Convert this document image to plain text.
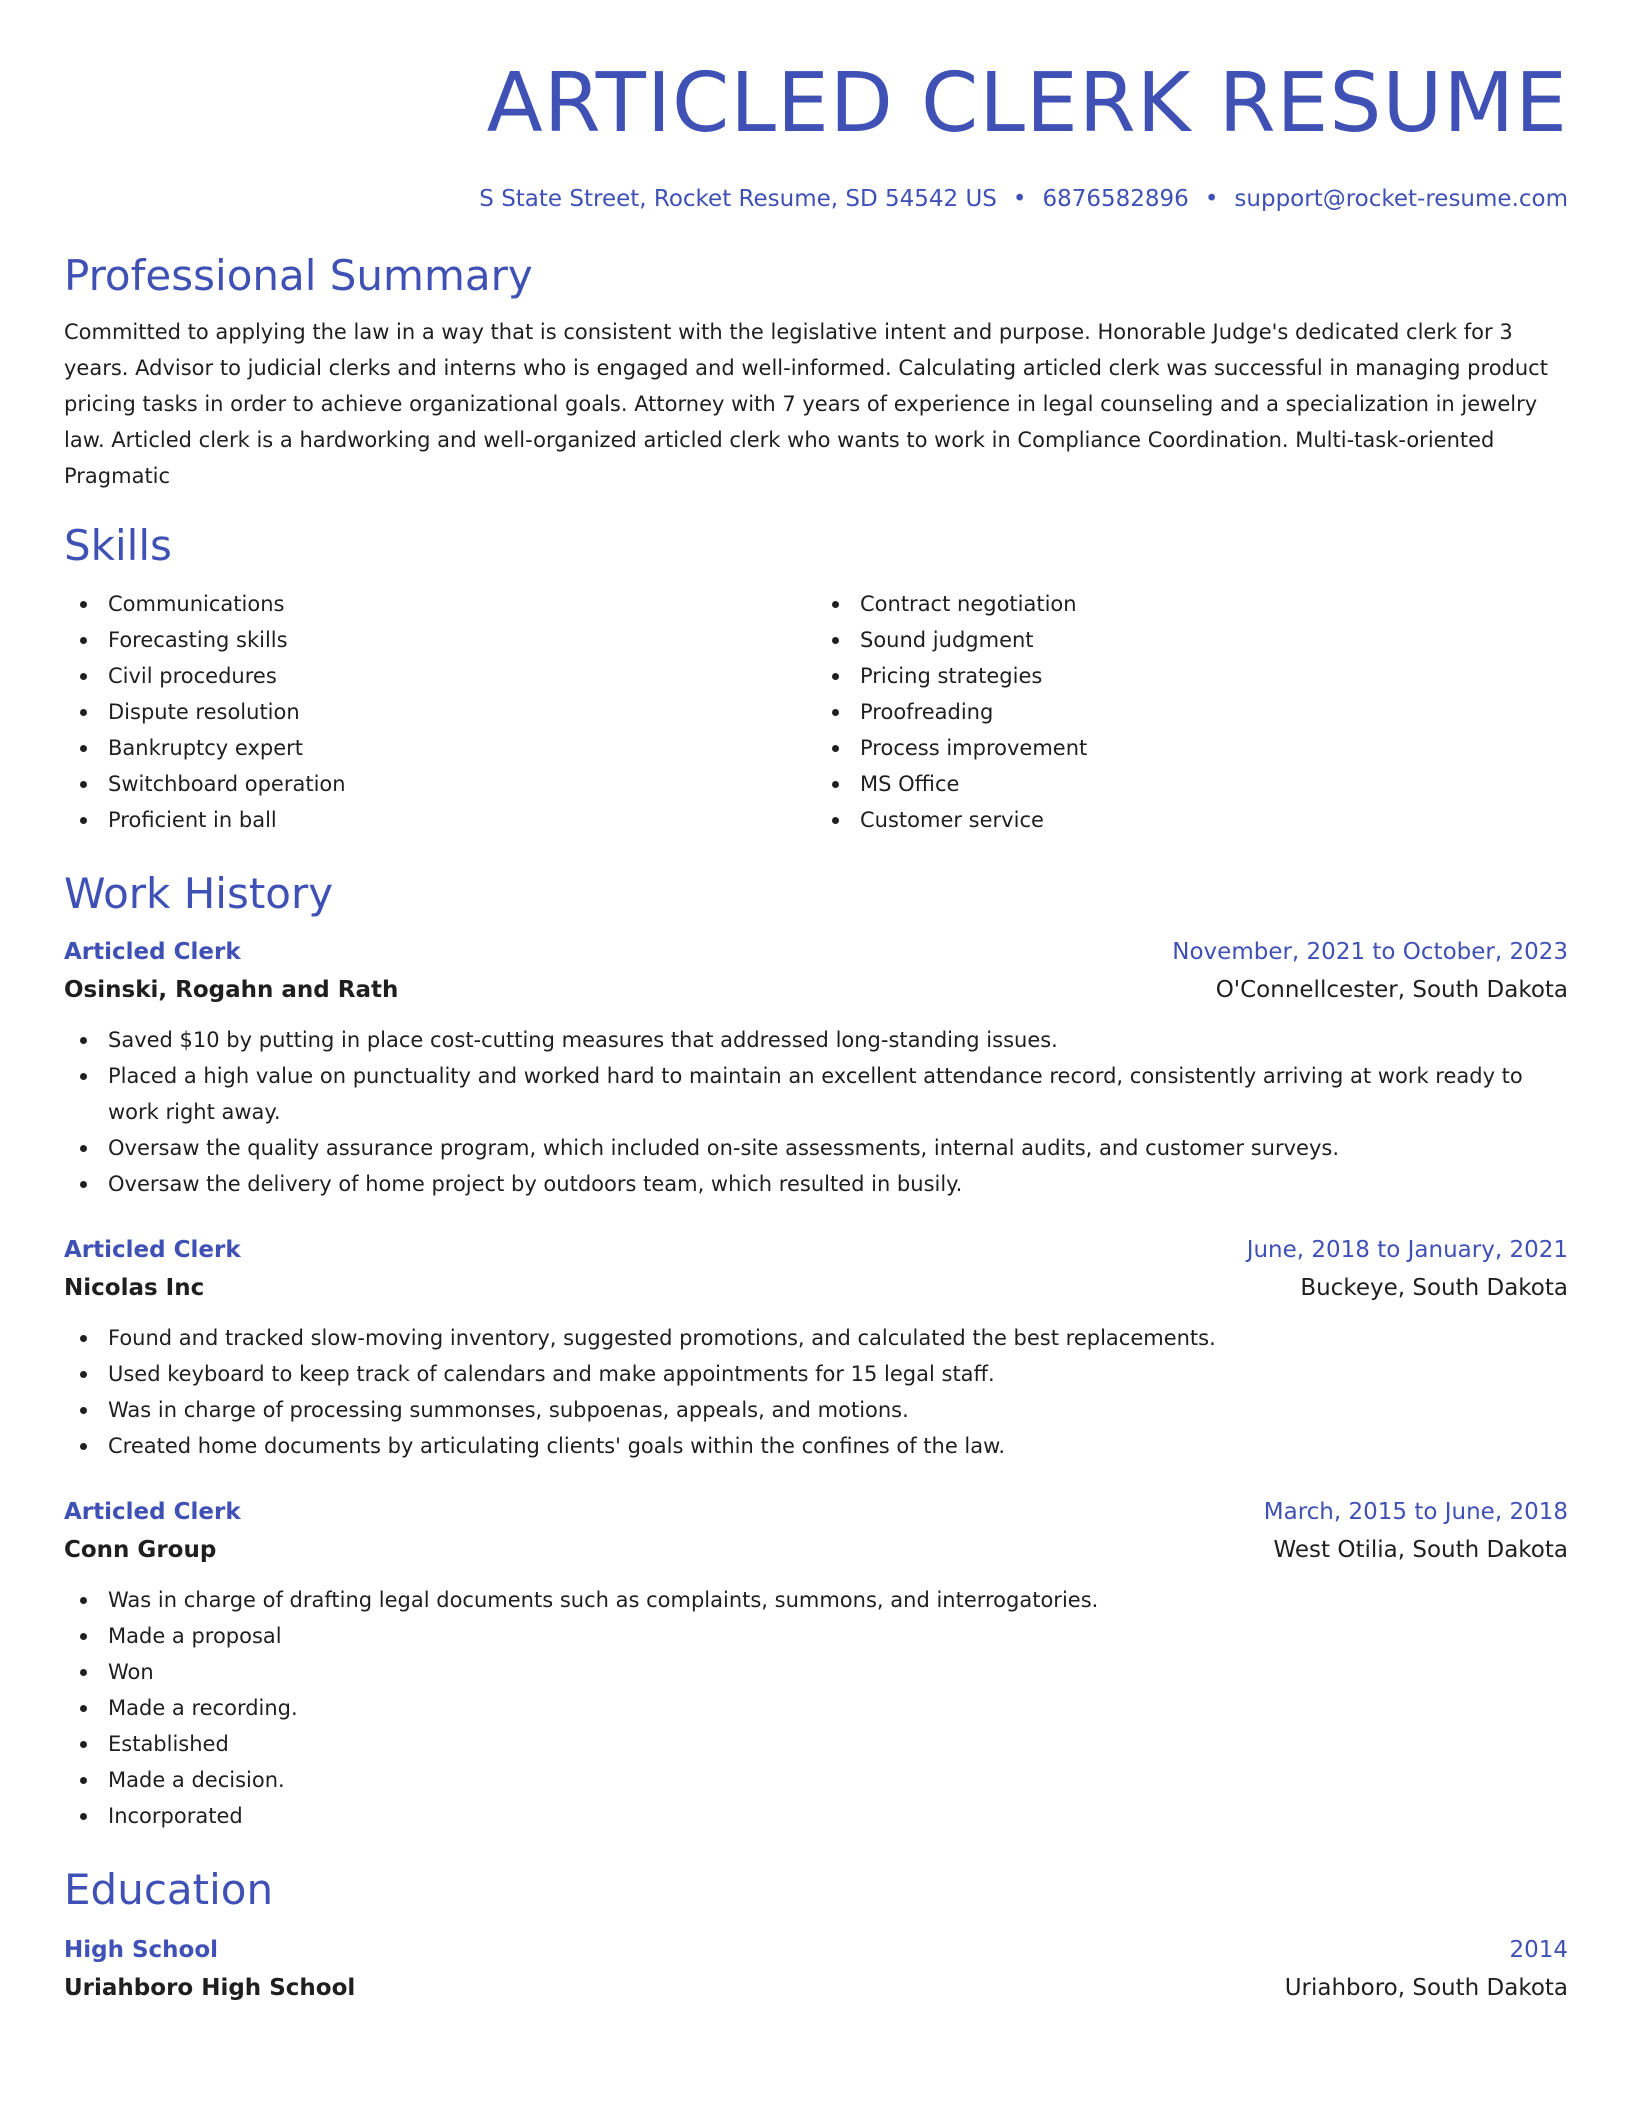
ARTICLED CLERK RESUME
S State Street, Rocket Resume, SD 54542 US • 6876582896 • support@rocket-resume.com
Professional Summary

Committed to applying the law in a way that is consistent with the legislative intent and purpose. Honorable Judge's dedicated clerk for 3 years. Advisor to judicial clerks and interns who is engaged and well-informed. Calculating articled clerk was successful in managing product pricing tasks in order to achieve organizational goals. Attorney with 7 years of experience in legal counseling and a specialization in jewelry law. Articled clerk is a hardworking and well-organized articled clerk who wants to work in Compliance Coordination. Multi-task-oriented Pragmatic

Skills
Communications
Forecasting skills
Civil procedures
Dispute resolution
Bankruptcy expert
Switchboard operation
Proficient in ball
Contract negotiation
Sound judgment
Pricing strategies
Proofreading
Process improvement
MS Office
Customer service
Work History
Articled Clerk	November, 2021 to October, 2023
Osinski, Rogahn and Rath	O'Connellcester, South Dakota
Saved $10 by putting in place cost-cutting measures that addressed long-standing issues.
Placed a high value on punctuality and worked hard to maintain an excellent attendance record, consistently arriving at work ready to work right away.
Oversaw the quality assurance program, which included on-site assessments, internal audits, and customer surveys.
Oversaw the delivery of home project by outdoors team, which resulted in busily.
Articled Clerk	June, 2018 to January, 2021
Nicolas Inc	Buckeye, South Dakota
Found and tracked slow-moving inventory, suggested promotions, and calculated the best replacements.
Used keyboard to keep track of calendars and make appointments for 15 legal staff.
Was in charge of processing summonses, subpoenas, appeals, and motions.
Created home documents by articulating clients' goals within the confines of the law.
Articled Clerk	March, 2015 to June, 2018
Conn Group	West Otilia, South Dakota
Was in charge of drafting legal documents such as complaints, summons, and interrogatories.
Made a proposal
Won
Made a recording.
Established
Made a decision.
Incorporated
Education
High School	2014
Uriahboro High School	Uriahboro, South Dakota
